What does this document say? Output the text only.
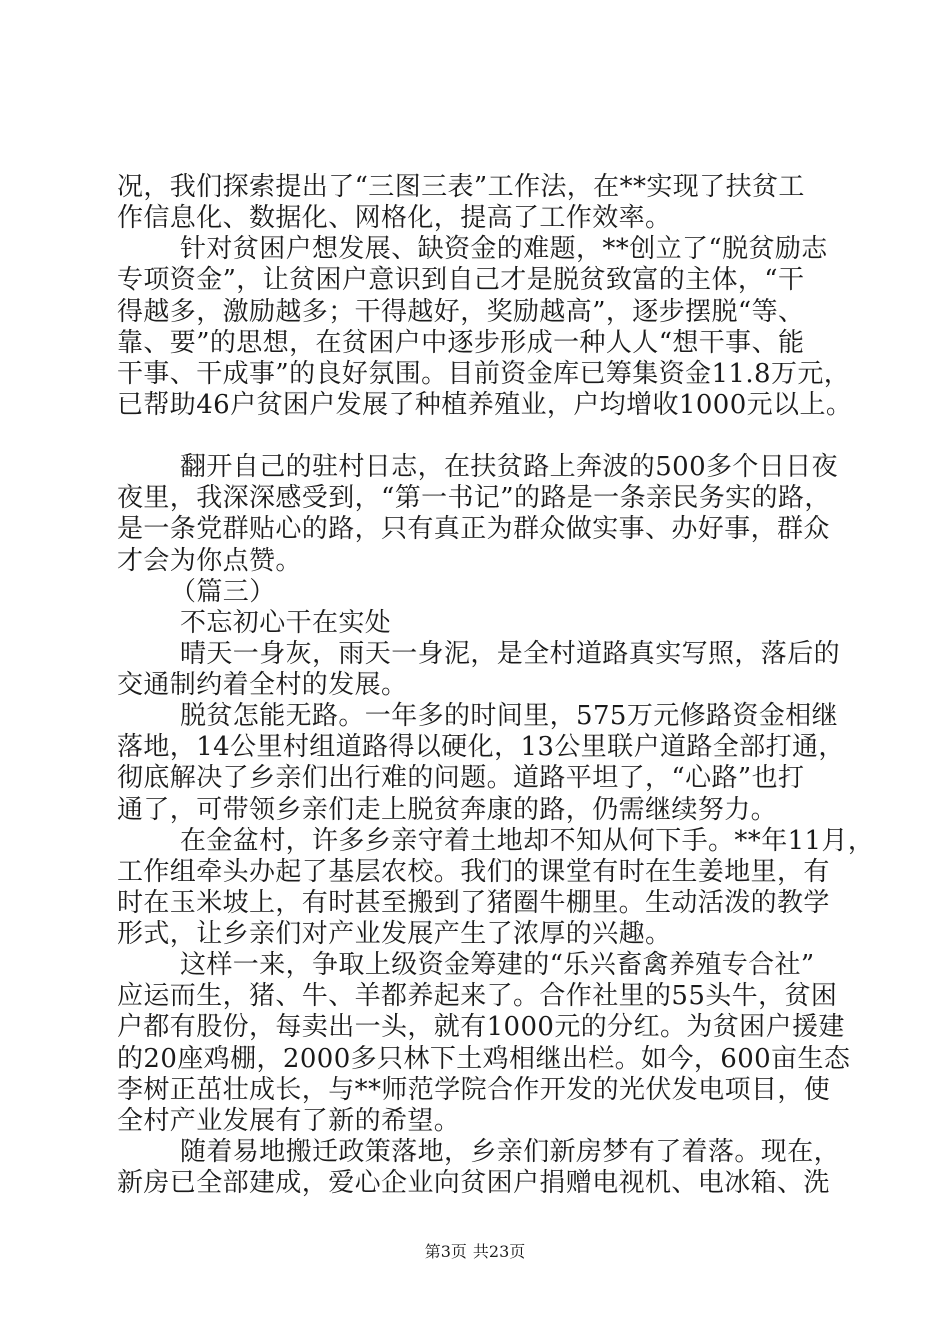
况，我们探索提出了“三图三表”工作法，在**实现了扶贫工

作信息化、数据化、网格化，提高了工作效率。

针对贫困户想发展、缺资金的难题，**创立了“脱贫励志

专项资金”，让贫困户意识到自己才是脱贫致富的主体，“干

得越多，激励越多；干得越好，奖励越高”，逐步摆脱“等、

靠、要”的思想，在贫困户中逐步形成一种人人“想干事、能

干事、干成事”的良好氛围。目前资金库已筹集资金11.8万元，

已帮助46户贫困户发展了种植养殖业，户均增收1000元以上。

翻开自己的驻村日志，在扶贫路上奔波的500多个日日夜

夜里，我深深感受到，“第一书记”的路是一条亲民务实的路，

是一条党群贴心的路，只有真正为群众做实事、办好事，群众

才会为你点赞。

（篇三）

不忘初心干在实处

晴天一身灰，雨天一身泥，是全村道路真实写照，落后的

交通制约着全村的发展。

脱贫怎能无路。一年多的时间里，575万元修路资金相继

落地，14公里村组道路得以硬化，13公里联户道路全部打通，

彻底解决了乡亲们出行难的问题。道路平坦了，“心路”也打

通了，可带领乡亲们走上脱贫奔康的路，仍需继续努力。

在金盆村，许多乡亲守着土地却不知从何下手。**年11月，

工作组牵头办起了基层农校。我们的课堂有时在生姜地里，有

时在玉米坡上，有时甚至搬到了猪圈牛棚里。生动活泼的教学

形式，让乡亲们对产业发展产生了浓厚的兴趣。

这样一来，争取上级资金筹建的“乐兴畜禽养殖专合社”

应运而生，猪、牛、羊都养起来了。合作社里的55头牛，贫困

户都有股份，每卖出一头，就有1000元的分红。为贫困户援建

的20座鸡棚，2000多只林下土鸡相继出栏。如今，600亩生态

李树正茁壮成长，与**师范学院合作开发的光伏发电项目，使

全村产业发展有了新的希望。

随着易地搬迁政策落地，乡亲们新房梦有了着落。现在，

新房已全部建成，爱心企业向贫困户捐赠电视机、电冰箱、洗

第3页 共23页
